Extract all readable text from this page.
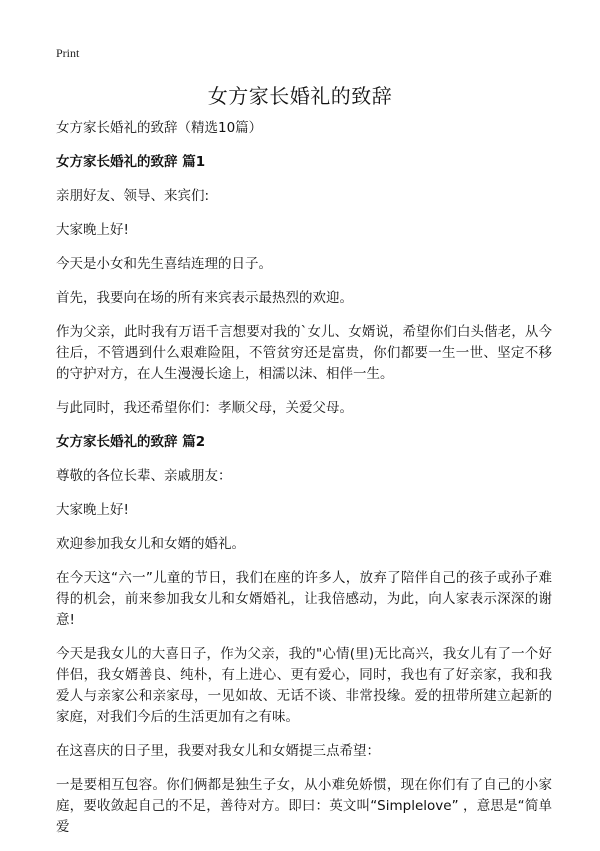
Print
女方家长婚礼的致辞

女方家长婚礼的致辞（精选10篇）

女方家长婚礼的致辞 篇1

亲朋好友、领导、来宾们:

大家晚上好!

今天是小女和先生喜结连理的日子。

首先，我要向在场的所有来宾表示最热烈的欢迎。

作为父亲，此时我有万语千言想要对我的`女儿、女婿说，希望你们白头偕老，从今往后，不管遇到什么艰难险阻，不管贫穷还是富贵，你们都要一生一世、坚定不移的守护对方，在人生漫漫长途上，相濡以沫、相伴一生。

与此同时，我还希望你们：孝顺父母，关爱父母。

女方家长婚礼的致辞 篇2

尊敬的各位长辈、亲戚朋友：

大家晚上好!

欢迎参加我女儿和女婿的婚礼。

在今天这“六一”儿童的节日，我们在座的许多人，放弃了陪伴自己的孩子或孙子难得的机会，前来参加我女儿和女婿婚礼，让我倍感动，为此，向人家表示深深的谢意!

今天是我女儿的大喜日子，作为父亲，我的"心情(里)无比高兴，我女儿有了一个好伴侣，我女婿善良、纯朴，有上进心、更有爱心，同时，我也有了好亲家，我和我爱人与亲家公和亲家母，一见如故、无话不谈、非常投缘。爱的扭带所建立起新的家庭，对我们今后的生活更加有之有味。

在这喜庆的日子里，我要对我女儿和女婿提三点希望：

一是要相互包容。你们俩都是独生子女，从小难免娇惯，现在你们有了自己的小家庭，要收敛起自己的不足，善待对方。即曰：英文叫“Simplelove” ，意思是“简单爱
